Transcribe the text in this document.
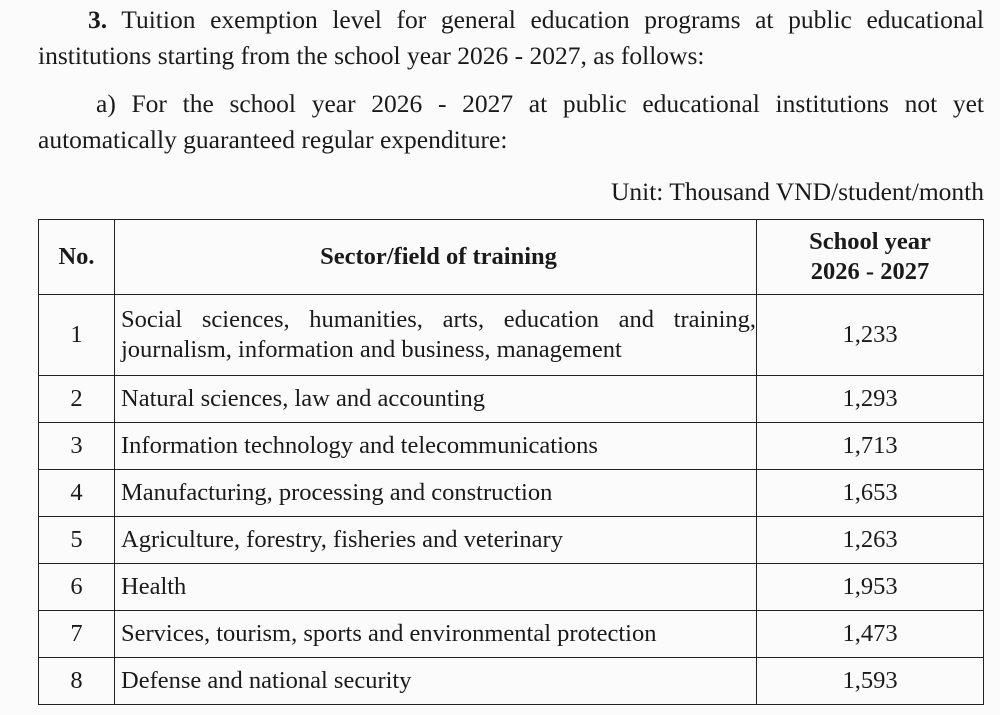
3. Tuition exemption level for general education programs at public educational
institutions starting from the school year 2026 - 2027, as follows:

a) For the school year 2026 - 2027 at public educational institutions not yet
automatically guaranteed regular expenditure:

Unit: Thousand VND/student/month
No.	Sector/field of training	School year
2026 - 2027
1	Social sciences, humanities, arts, education and training,
journalism, information and business, management	1,233
2	Natural sciences, law and accounting	1,293
3	Information technology and telecommunications	1,713
4	Manufacturing, processing and construction	1,653
5	Agriculture, forestry, fisheries and veterinary	1,263
6	Health	1,953
7	Services, tourism, sports and environmental protection	1,473
8	Defense and national security	1,593
